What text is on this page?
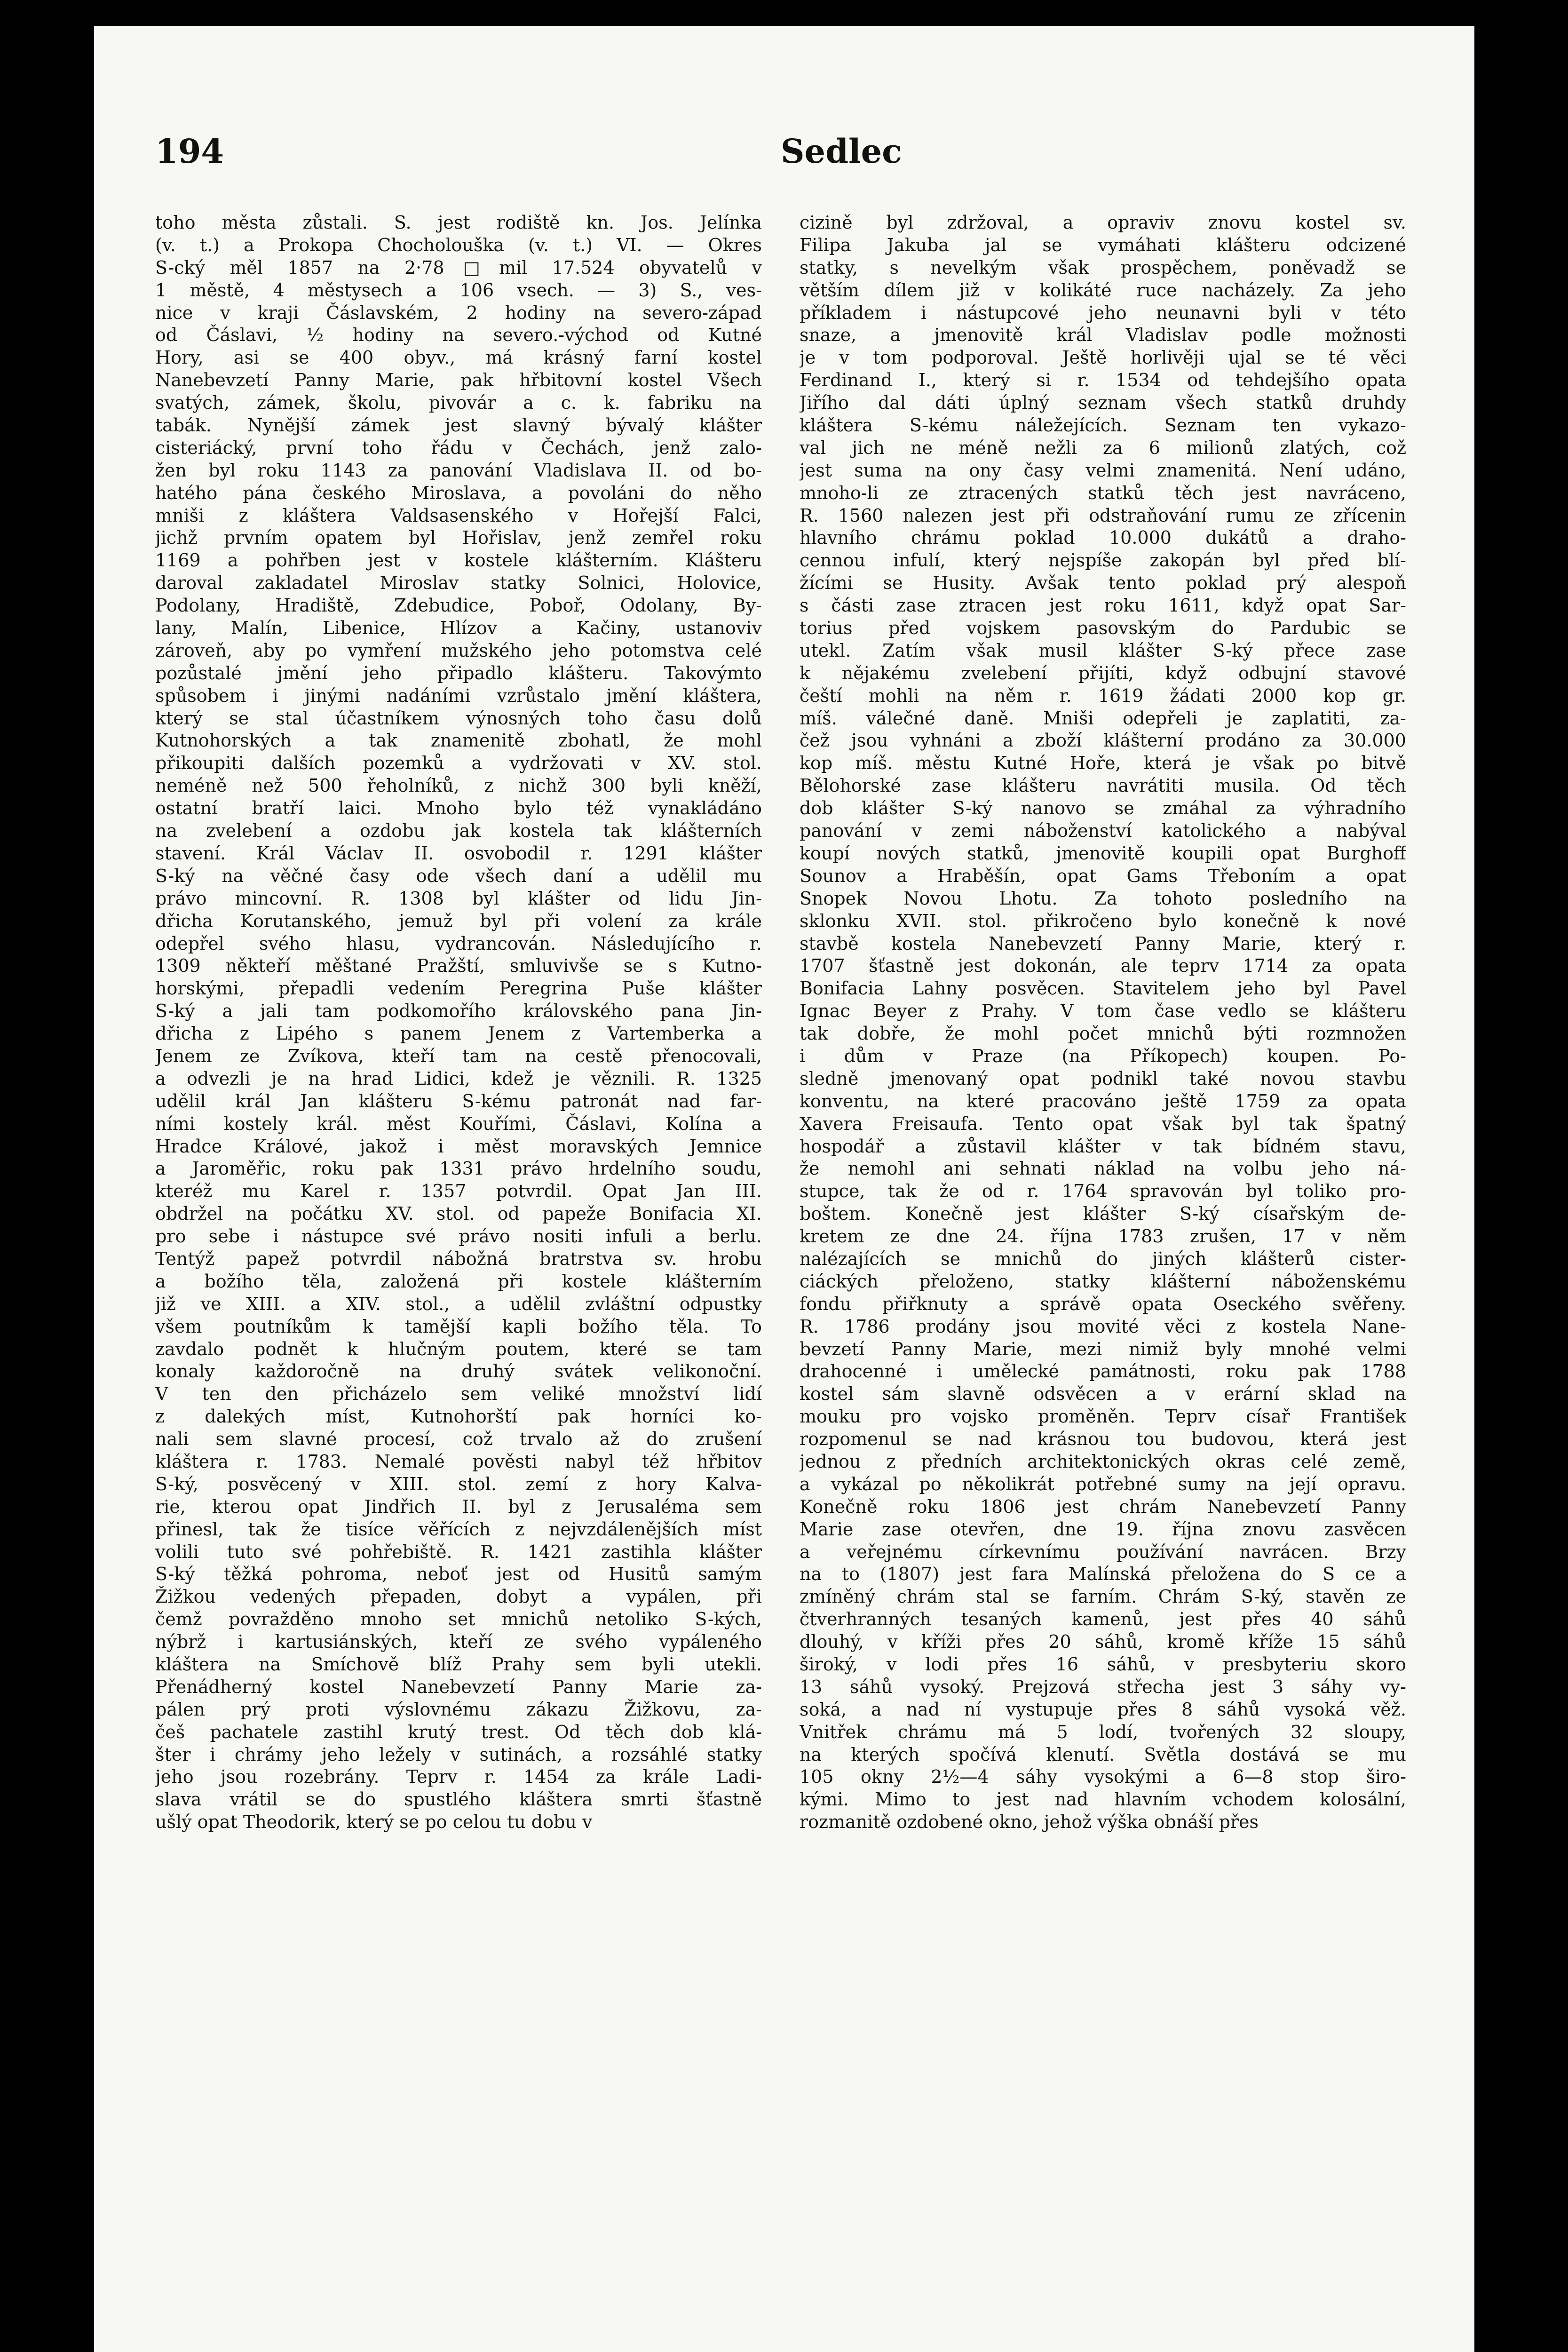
194	Sedlec
toho města zůstali. S. jest rodiště kn. Jos. Jelínka
(v. t.) a Prokopa Chocholouška (v. t.) VI. — Okres
S-cký měl 1857 na 2·78□mil 17.524 obyvatelů v
1 městě, 4 městysech a 106 vsech. — 3) S., ves-
nice v kraji Čáslavském, 2 hodiny na severo-západ
od Čáslavi, ½ hodiny na severo.-východ od Kutné
Hory, asi se 400 obyv., má krásný farní kostel
Nanebevzetí Panny Marie, pak hřbitovní kostel Všech
svatých, zámek, školu, pivovár a c. k. fabriku na
tabák. Nynější zámek jest slavný bývalý klášter
cisteriácký, první toho řádu v Čechách, jenž zalo-
žen byl roku 1143 za panování Vladislava II. od bo-
hatého pána českého Miroslava, a povoláni do něho
mniši z kláštera Valdsasenského v Hořejší Falci,
jichž prvním opatem byl Hořislav, jenž zemřel roku
1169 a pohřben jest v kostele klášterním. Klášteru
daroval zakladatel Miroslav statky Solnici, Holovice,
Podolany, Hradiště, Zdebudice, Poboř, Odolany, By-
lany, Malín, Libenice, Hlízov a Kačiny, ustanoviv
zároveň, aby po vymření mužského jeho potomstva celé
pozůstalé jmění jeho připadlo klášteru. Takovýmto
spůsobem i jinými nadáními vzrůstalo jmění kláštera,
který se stal účastníkem výnosných toho času dolů
Kutnohorských a tak znamenitě zbohatl, že mohl
přikoupiti dalších pozemků a vydržovati v XV. stol.
neméně než 500 řeholníků, z nichž 300 byli kněží,
ostatní bratří laici. Mnoho bylo též vynakládáno
na zvelebení a ozdobu jak kostela tak klášterních
stavení. Král Václav II. osvobodil r. 1291 klášter
S-ký na věčné časy ode všech daní a udělil mu
právo mincovní. R. 1308 byl klášter od lidu Jin-
dřicha Korutanského, jemuž byl při volení za krále
odepřel svého hlasu, vydrancován. Následujícího r.
1309 někteří měštané Pražští, smluvivše se s Kutno-
horskými, přepadli vedením Peregrina Puše klášter
S-ký a jali tam podkomořího královského pana Jin-
dřicha z Lipého s panem Jenem z Vartemberka a
Jenem ze Zvíkova, kteří tam na cestě přenocovali,
a odvezli je na hrad Lidici, kdež je věznili. R. 1325
udělil král Jan klášteru S-kému patronát nad far-
ními kostely král. měst Kouřími, Čáslavi, Kolína a
Hradce Králové, jakož i měst moravských Jemnice
a Jaroměřic, roku pak 1331 právo hrdelního soudu,
kteréž mu Karel r. 1357 potvrdil. Opat Jan III.
obdržel na počátku XV. stol. od papeže Bonifacia XI.
pro sebe i nástupce své právo nositi infuli a berlu.
Tentýž papež potvrdil nábožná bratrstva sv. hrobu
a božího těla, založená při kostele klášterním
již ve XIII. a XIV. stol., a udělil zvláštní odpustky
všem poutníkům k tamější kapli božího těla. To
zavdalo podnět k hlučným poutem, které se tam
konaly každoročně na druhý svátek velikonoční.
V ten den přicházelo sem veliké množství lidí
z dalekých míst, Kutnohorští pak horníci ko-
nali sem slavné procesí, což trvalo až do zrušení
kláštera r. 1783. Nemalé pověsti nabyl též hřbitov
S-ký, posvěcený v XIII. stol. zemí z hory Kalva-
rie, kterou opat Jindřich II. byl z Jerusaléma sem
přinesl, tak že tisíce věřících z nejvzdálenějších míst
volili tuto své pohřebiště. R. 1421 zastihla klášter
S-ký těžká pohroma, neboť jest od Husitů samým
Žižkou vedených přepaden, dobyt a vypálen, při
čemž povražděno mnoho set mnichů netoliko S-kých,
nýbrž i kartusiánských, kteří ze svého vypáleného
kláštera na Smíchově blíž Prahy sem byli utekli.
Přenádherný kostel Nanebevzetí Panny Marie za-
pálen prý proti výslovnému zákazu Žižkovu, za-
češ pachatele zastihl krutý trest. Od těch dob klá-
šter i chrámy jeho ležely v sutinách, a rozsáhlé statky
jeho jsou rozebrány. Teprv r. 1454 za krále Ladi-
slava vrátil se do spustlého kláštera smrti šťastně
ušlý opat Theodorik, který se po celou tu dobu v
cizině byl zdržoval, a opraviv znovu kostel sv.
Filipa Jakuba jal se vymáhati klášteru odcizené
statky, s nevelkým však prospěchem, poněvadž se
větším dílem již v kolikáté ruce nacházely. Za jeho
příkladem i nástupcové jeho neunavni byli v této
snaze, a jmenovitě král Vladislav podle možnosti
je v tom podporoval. Ještě horlivěji ujal se té věci
Ferdinand I., který si r. 1534 od tehdejšího opata
Jiřího dal dáti úplný seznam všech statků druhdy
kláštera S-kému náležejících. Seznam ten vykazo-
val jich ne méně nežli za 6 milionů zlatých, což
jest suma na ony časy velmi znamenitá. Není udáno,
mnoho-li ze ztracených statků těch jest navráceno,
R. 1560 nalezen jest při odstraňování rumu ze zřícenin
hlavního chrámu poklad 10.000 dukátů a draho-
cennou infulí, který nejspíše zakopán byl před blí-
žícími se Husity. Avšak tento poklad prý alespoň
s části zase ztracen jest roku 1611, když opat Sar-
torius před vojskem pasovským do Pardubic se
utekl. Zatím však musil klášter S-ký přece zase
k nějakému zvelebení přijíti, když odbujní stavové
čeští mohli na něm r. 1619 žádati 2000 kop gr.
míš. válečné daně. Mniši odepřeli je zaplatiti, za-
čež jsou vyhnáni a zboží klášterní prodáno za 30.000
kop míš. městu Kutné Hoře, která je však po bitvě
Bělohorské zase klášteru navrátiti musila. Od těch
dob klášter S-ký nanovo se zmáhal za výhradního
panování v zemi náboženství katolického a nabýval
koupí nových statků, jmenovitě koupili opat Burghoff
Sounov a Hraběšín, opat Gams Třeboním a opat
Snopek Novou Lhotu. Za tohoto posledního na
sklonku XVII. stol. přikročeno bylo konečně k nové
stavbě kostela Nanebevzetí Panny Marie, který r.
1707 šťastně jest dokonán, ale teprv 1714 za opata
Bonifacia Lahny posvěcen. Stavitelem jeho byl Pavel
Ignac Beyer z Prahy. V tom čase vedlo se klášteru
tak dobře, že mohl počet mnichů býti rozmnožen
i dům v Praze (na Příkopech) koupen. Po-
sledně jmenovaný opat podnikl také novou stavbu
konventu, na které pracováno ještě 1759 za opata
Xavera Freisaufa. Tento opat však byl tak špatný
hospodář a zůstavil klášter v tak bídném stavu,
že nemohl ani sehnati náklad na volbu jeho ná-
stupce, tak že od r. 1764 spravován byl toliko pro-
boštem. Konečně jest klášter S-ký císařským de-
kretem ze dne 24. října 1783 zrušen, 17 v něm
nalézajících se mnichů do jiných klášterů cister-
ciáckých přeloženo, statky klášterní náboženskému
fondu přiřknuty a správě opata Oseckého svěřeny.
R. 1786 prodány jsou movité věci z kostela Nane-
bevzetí Panny Marie, mezi nimiž byly mnohé velmi
drahocenné i umělecké památnosti, roku pak 1788
kostel sám slavně odsvěcen a v erární sklad na
mouku pro vojsko proměněn. Teprv císař František
rozpomenul se nad krásnou tou budovou, která jest
jednou z předních architektonických okras celé země,
a vykázal po několikrát potřebné sumy na její opravu.
Konečně roku 1806 jest chrám Nanebevzetí Panny
Marie zase otevřen, dne 19. října znovu zasvěcen
a veřejnému církevnímu používání navrácen. Brzy
na to (1807) jest fara Malínská přeložena do S ce a
zmíněný chrám stal se farním. Chrám S-ký, stavěn ze
čtverhranných tesaných kamenů, jest přes 40 sáhů
dlouhý, v kříži přes 20 sáhů, kromě kříže 15 sáhů
široký, v lodi přes 16 sáhů, v presbyteriu skoro
13 sáhů vysoký. Prejzová střecha jest 3 sáhy vy-
soká, a nad ní vystupuje přes 8 sáhů vysoká věž.
Vnitřek chrámu má 5 lodí, tvořených 32 sloupy,
na kterých spočívá klenutí. Světla dostává se mu
105 okny 2½—4 sáhy vysokými a 6—8 stop širo-
kými. Mimo to jest nad hlavním vchodem kolosální,
rozmanitě ozdobené okno, jehož výška obnáší přes
